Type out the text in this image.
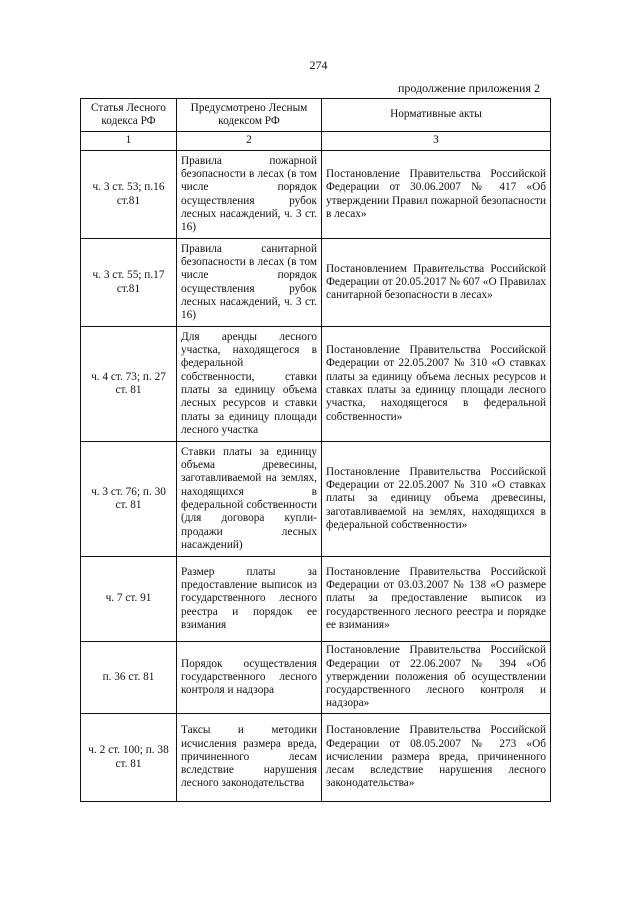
274
продолжение приложения 2
Статья Лесного кодекса РФ	Предусмотрено Лесным кодексом РФ	Нормативные акты
1	2	3
ч. 3 ст. 53; п.16 ст.81	Правила пожарной безопасности в лесах (в том числе порядок осуществления рубок лесных насаждений, ч. 3 ст. 16)	Постановление Правительства Российской Федерации от 30.06.2007 № 417 «Об утверждении Правил пожарной безопасности в лесах»
ч. 3 ст. 55; п.17 ст.81	Правила санитарной безопасности в лесах (в том числе порядок осуществления рубок лесных насаждений, ч. 3 ст. 16)	Постановлением Правительства Российской Федерации от 20.05.2017 № 607 «О Правилах санитарной безопасности в лесах»
ч. 4 ст. 73; п. 27 ст. 81	Для аренды лесного участка, находящегося в федеральной собственности, ставки платы за единицу объема лесных ресурсов и ставки платы за единицу площади лесного участка	Постановление Правительства Российской Федерации от 22.05.2007 № 310 «О ставках платы за единицу объема лесных ресурсов и ставках платы за единицу площади лесного участка, находящегося в федеральной собственности»
ч. 3 ст. 76; п. 30 ст. 81	Ставки платы за единицу объема древесины, заготавливаемой на землях, находящихся в федеральной собственности (для договора купли-продажи лесных насаждений)	Постановление Правительства Российской Федерации от 22.05.2007 № 310 «О ставках платы за единицу объема древесины, заготавливаемой на землях, находящихся в федеральной собственности»
ч. 7 ст. 91	Размер платы за предоставление выписок из государственного лесного реестра и порядок ее взимания	Постановление Правительства Российской Федерации от 03.03.2007 № 138 «О размере платы за предоставление выписок из государственного лесного реестра и порядке ее взимания»
п. 36 ст. 81	Порядок осуществления государственного лесного контроля и надзора	Постановление Правительства Российской Федерации от 22.06.2007 № 394 «Об утверждении положения об осуществлении государственного лесного контроля и надзора»
ч. 2 ст. 100; п. 38 ст. 81	Таксы и методики исчисления размера вреда, причиненного лесам вследствие нарушения лесного законодательства	Постановление Правительства Российской Федерации от 08.05.2007 № 273 «Об исчислении размера вреда, причиненного лесам вследствие нарушения лесного законодательства»
